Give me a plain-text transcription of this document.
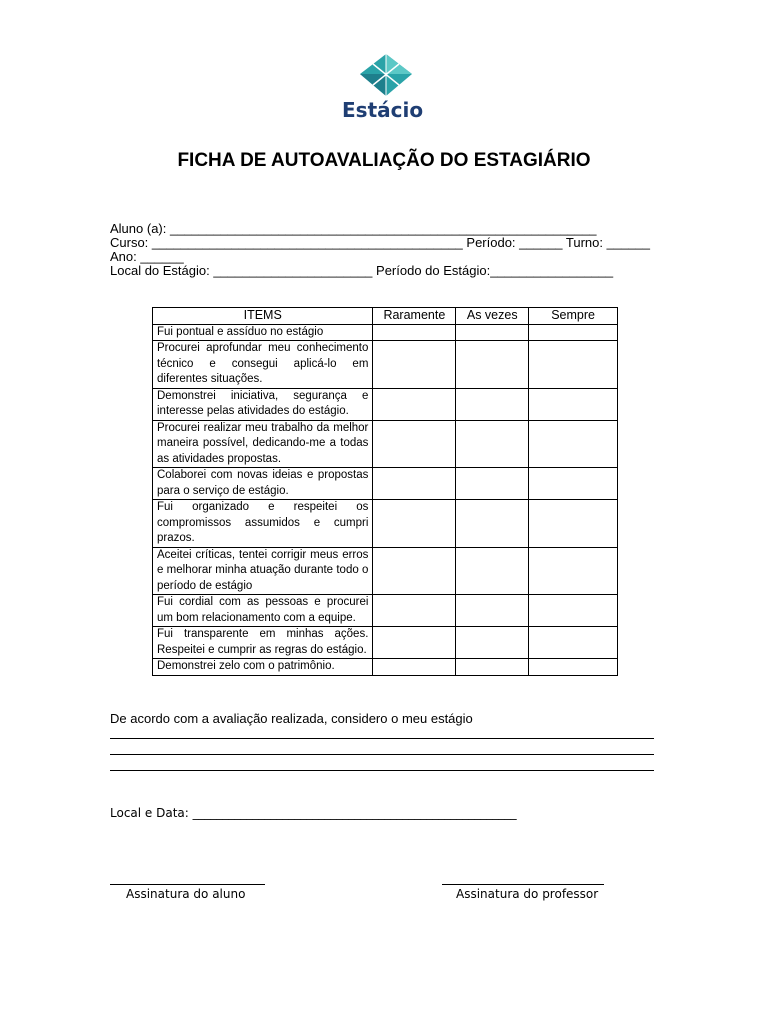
Estácio
FICHA DE AUTOAVALIAÇÃO DO ESTAGIÁRIO
Aluno (a): ___________________________________________________________
Curso: ___________________________________________ Período: ______ Turno: ______
Ano: ______
Local do Estágio: ______________________ Período do Estágio:_________________
ITEMS	Raramente	As vezes	Sempre
Fui pontual e assíduo no estágio			
Procurei aprofundar meu conhecimento técnico e consegui aplicá-lo em diferentes situações.			
Demonstrei iniciativa, segurança e interesse pelas atividades do estágio.			
Procurei realizar meu trabalho da melhor maneira possível, dedicando-me a todas as atividades propostas.			
Colaborei com novas ideias e propostas para o serviço de estágio.			
Fui organizado e respeitei os compromissos assumidos e cumpri prazos.			
Aceitei críticas, tentei corrigir meus erros e melhorar minha atuação durante todo o período de estágio			
Fui cordial com as pessoas e procurei um bom relacionamento com a equipe.			
Fui transparente em minhas ações. Respeitei e cumprir as regras do estágio.			
Demonstrei zelo com o patrimônio.			
De acordo com a avaliação realizada, considero o meu estágio
Local e Data: ______________________________________________________
Assinatura do aluno	Assinatura do professor
